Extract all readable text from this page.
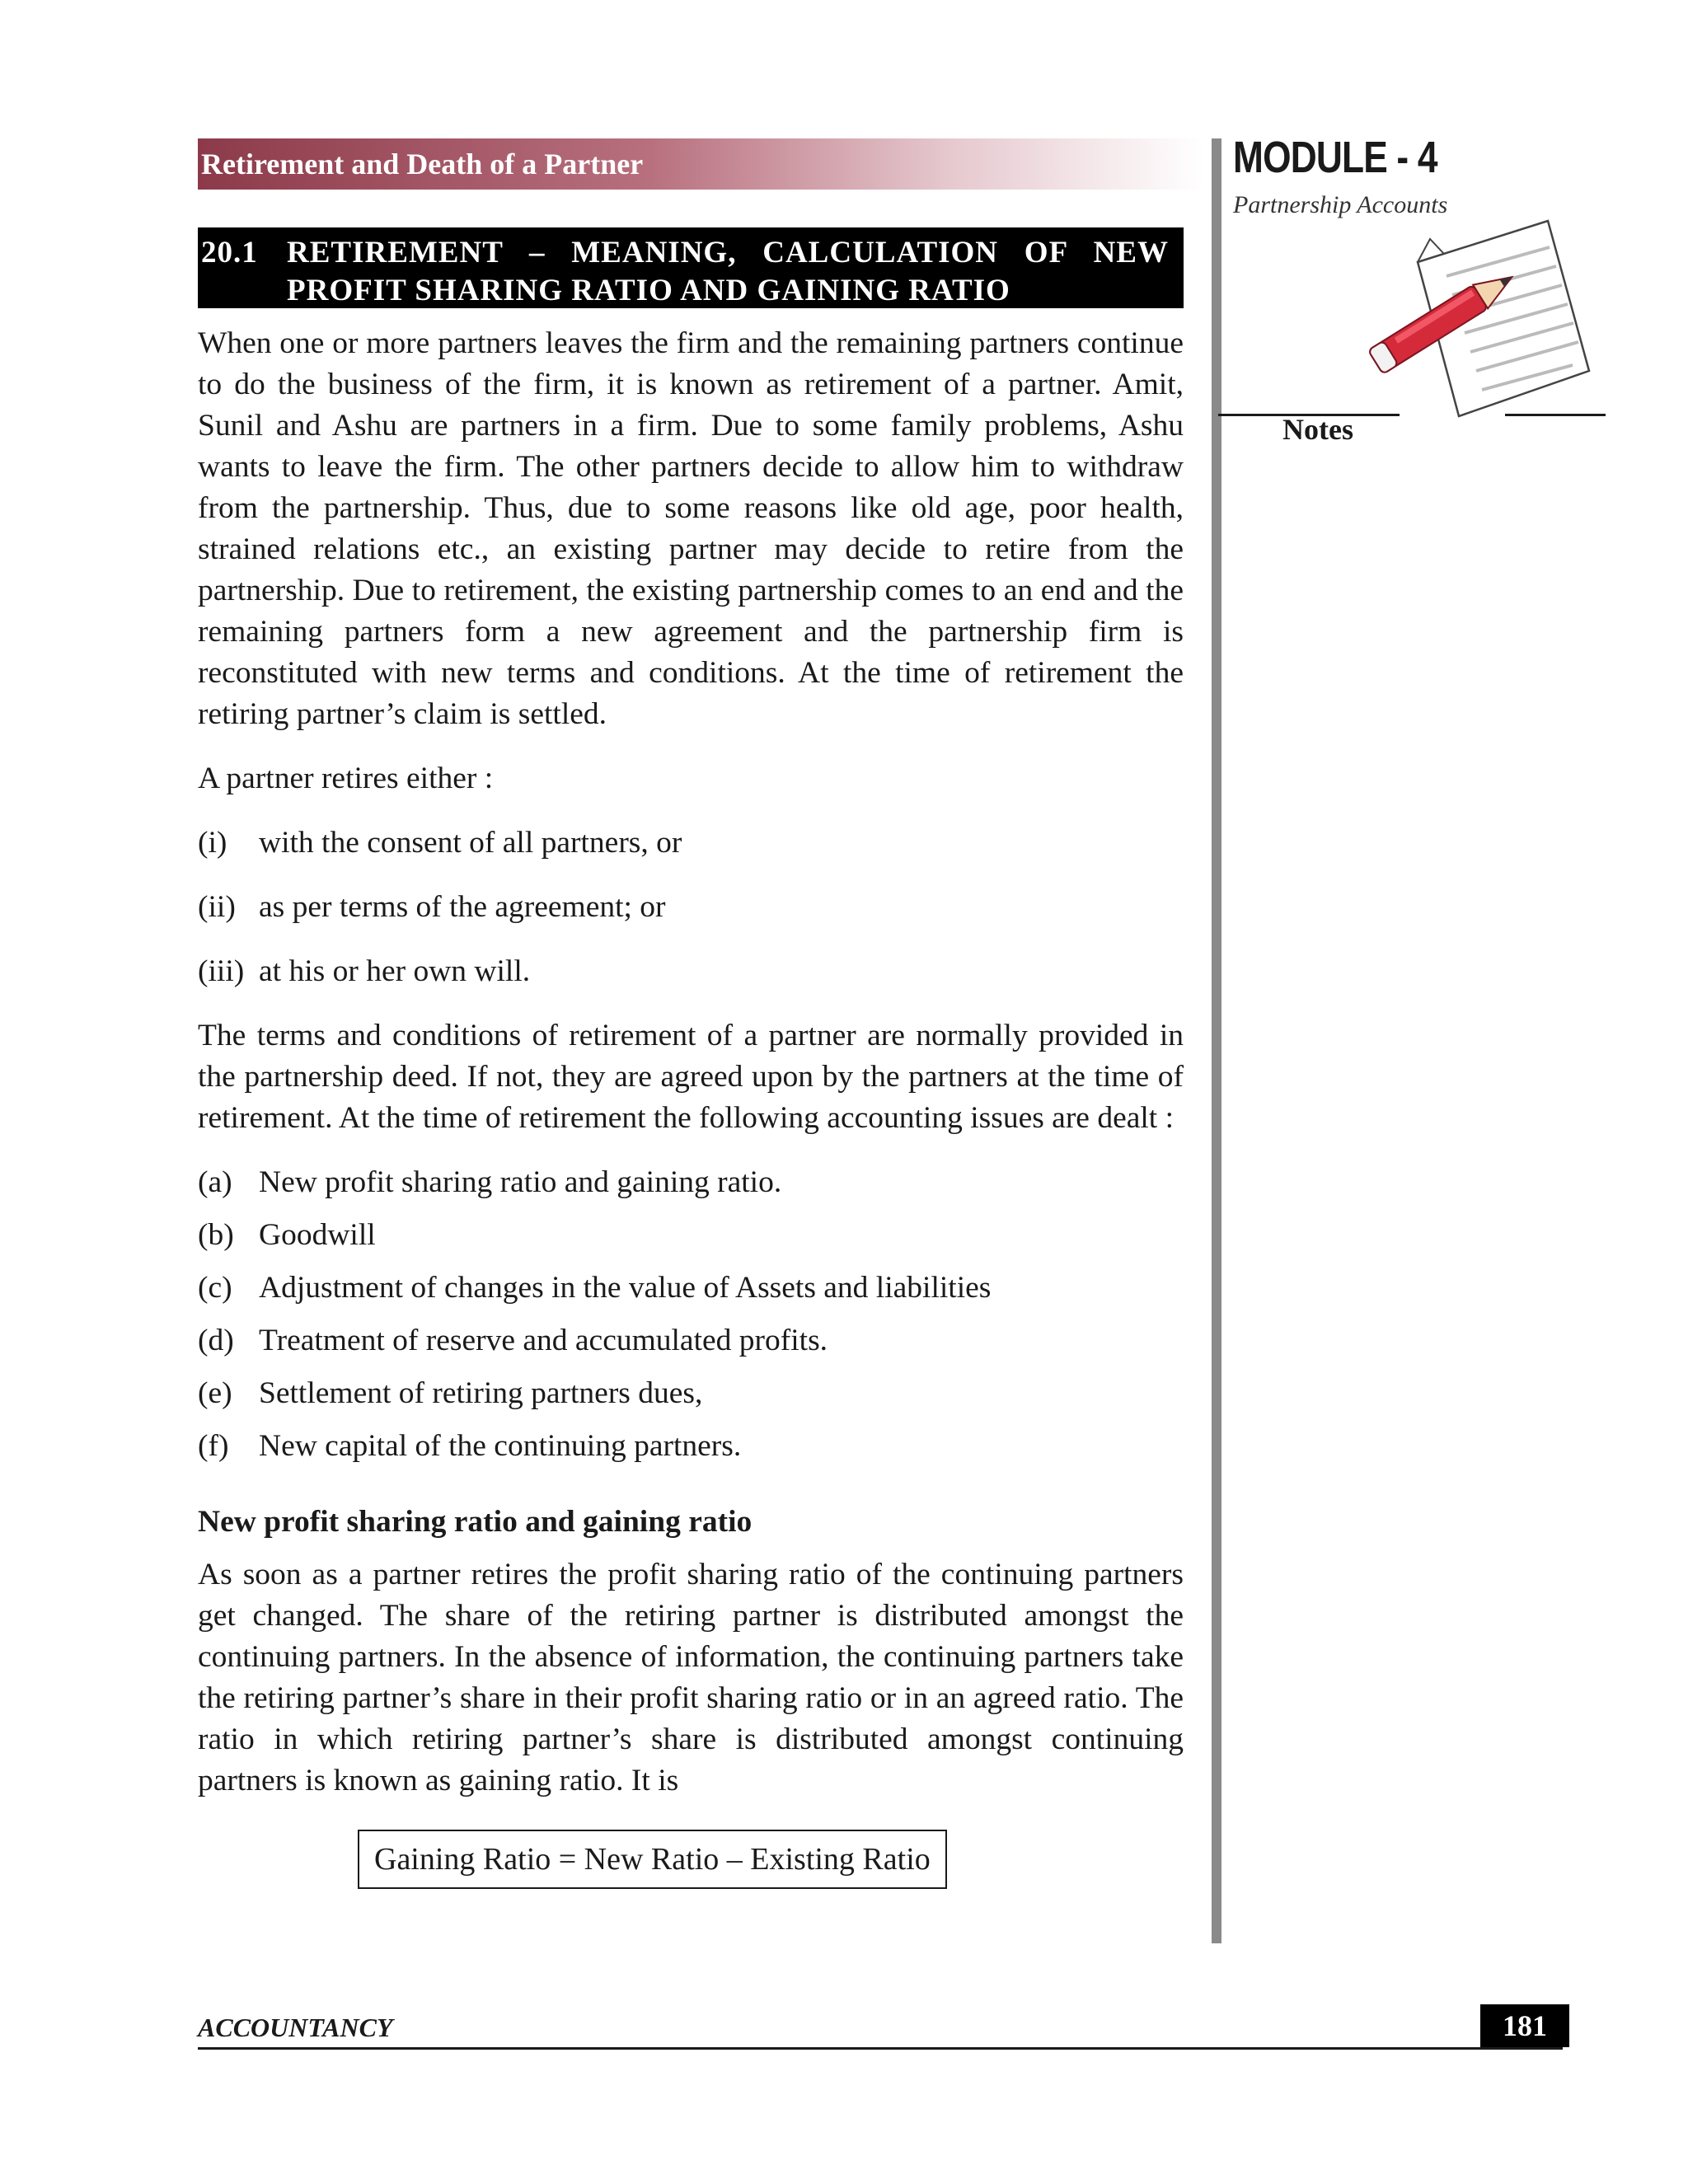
Retirement and Death of a Partner	MODULE - 4
Partnership Accounts
Notes
20.1 RETIREMENT – MEANING, CALCULATION OF NEW
PROFIT SHARING RATIO AND GAINING RATIO

When one or more partners leaves the firm and the remaining partners continue to do the business of the firm, it is known as retirement of a partner. Amit, Sunil and Ashu are partners in a firm. Due to some family problems, Ashu wants to leave the firm. The other partners decide to allow him to withdraw from the partnership. Thus, due to some reasons like old age, poor health, strained relations etc., an existing partner may decide to retire from the partnership. Due to retirement, the existing partnership comes to an end and the remaining partners form a new agreement and the partnership firm is reconstituted with new terms and conditions. At the time of retirement the retiring partner’s claim is settled.

A partner retires either :

(i)	with the consent of all partners, or
(ii) as per terms of the agreement; or
(iii) at his or her own will.

The terms and conditions of retirement of a partner are normally provided in the partnership deed. If not, they are agreed upon by the partners at the time of retirement. At the time of retirement the following accounting issues are dealt :

(a) New profit sharing ratio and gaining ratio.
(b) Goodwill
(c) Adjustment of changes in the value of Assets and liabilities
(d) Treatment of reserve and accumulated profits.
(e) Settlement of retiring partners dues,
(f) New capital of the continuing partners.
New profit sharing ratio and gaining ratio

As soon as a partner retires the profit sharing ratio of the continuing partners get changed. The share of the retiring partner is distributed amongst the continuing partners. In the absence of information, the continuing partners take the retiring partner’s share in their profit sharing ratio or in an agreed ratio. The ratio in which retiring partner’s share is distributed amongst continuing partners is known as gaining ratio. It is

Gaining Ratio = New Ratio – Existing Ratio
ACCOUNTANCY	181
